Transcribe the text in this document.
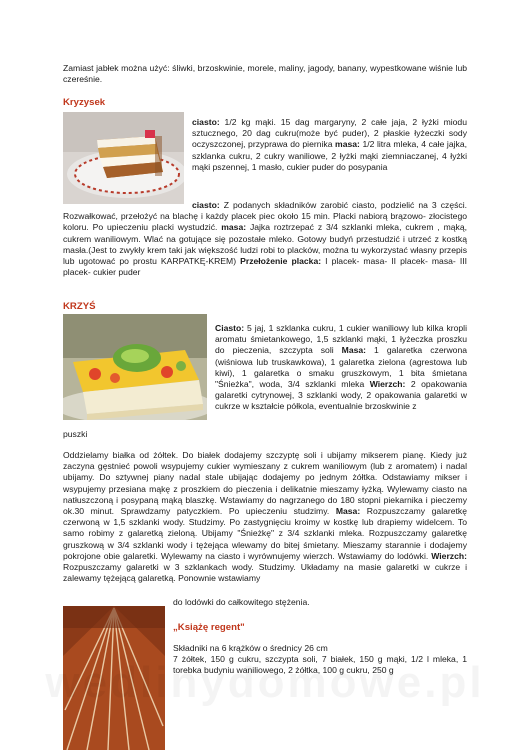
Zamiast jabłek można użyć: śliwki, brzoskwinie, morele, maliny, jagody, banany, wypestkowane wiśnie lub czereśnie.
Kryzysek
ciasto: 1/2 kg mąki. 15 dag margaryny, 2 całe jaja, 2 łyżki miodu sztucznego, 20 dag cukru(może być puder), 2 płaskie łyżeczki sody oczyszczonej, przyprawa do piernika masa: 1/2 litra mleka, 4 całe jajka, szklanka cukru, 2 cukry waniliowe, 2 łyżki mąki ziemniaczanej, 4 łyżki mąki pszennej, 1 masło, cukier puder do posypania
ciasto: Z podanych składników zarobić ciasto, podzielić na 3 części. Rozwałkować, przełożyć na blachę i każdy placek piec około 15 min. Placki nabiorą brązowo- złocistego koloru. Po upieczeniu placki wystudzić. masa: Jajka roztrzepać z 3/4 szklanki mleka, cukrem , mąką, cukrem waniliowym. Wlać na gotujące się pozostałe mleko. Gotowy budyń przestudzić i utrzeć z kostką masła.(Jest to zwykły krem taki jak większość ludzi robi to placków, można tu wykorzystać własny przepis lub ugotować po prostu KARPATKĘ-KREM) Przełożenie placka: I placek- masa- II placek- masa- III placek- cukier puder
KRZYŚ
Ciasto: 5 jaj, 1 szklanka cukru, 1 cukier waniliowy lub kilka kropli aromatu śmietankowego, 1,5 szklanki mąki, 1 łyżeczka proszku do pieczenia, szczypta soli Masa: 1 galaretka czerwona (wiśniowa lub truskawkowa), 1 galaretka zielona (agrestowa lub kiwi), 1 galaretka o smaku gruszkowym, 1 bita śmietana "Śnieżka", woda, 3/4 szklanki mleka Wierzch: 2 opakowania galaretki cytrynowej, 3 szklanki wody, 2 opakowania galaretki w cukrze w kształcie półkola, eventualnie brzoskwinie z
puszki
Oddzielamy białka od żółtek. Do białek dodajemy szczyptę soli i ubijamy mikserem pianę. Kiedy już zaczyna gęstnieć powoli wsypujemy cukier wymieszany z cukrem waniliowym (lub z aromatem) i nadal ubijamy. Do sztywnej piany nadal stale ubijając dodajemy po jednym żółtka. Odstawiamy mikser i wsypujemy przesiana mąkę z proszkiem do pieczenia i delikatnie mieszamy łyżką. Wylewamy ciasto na natłuszczoną i posypaną mąką blaszkę. Wstawiamy do nagrzanego do 180 stopni piekarnika i pieczemy ok.30 minut. Sprawdzamy patyczkiem. Po upieczeniu studzimy. Masa: Rozpuszczamy galaretkę czerwoną w 1,5 szklanki wody. Studzimy. Po zastygnięciu kroimy w kostkę lub drapiemy widelcem. To samo robimy z galaretką zieloną. Ubijamy "Śnieżkę" z 3/4 szklanki mleka. Rozpuszczamy galaretkę gruszkową w 3/4 szklanki wody i tężejąca wlewamy do bitej śmietany. Mieszamy starannie i dodajemy pokrojone obie galaretki. Wylewamy na ciasto i wyrównujemy wierzch. Wstawiamy do lodówki. Wierzch: Rozpuszczamy galaretki w 3 szklankach wody. Studzimy. Układamy na masie galaretki w cukrze i zalewamy tężejącą galaretką. Ponownie wstawiamy
do lodówki do całkowitego stężenia.
„Książę regent"
Składniki na 6 krążków o średnicy 26 cm
7 żółtek, 150 g cukru, szczypta soli, 7 białek, 150 g mąki, 1/2 l mleka, 1 torebka budyniu waniliowego, 2 żółtka, 100 g cukru, 250 g
